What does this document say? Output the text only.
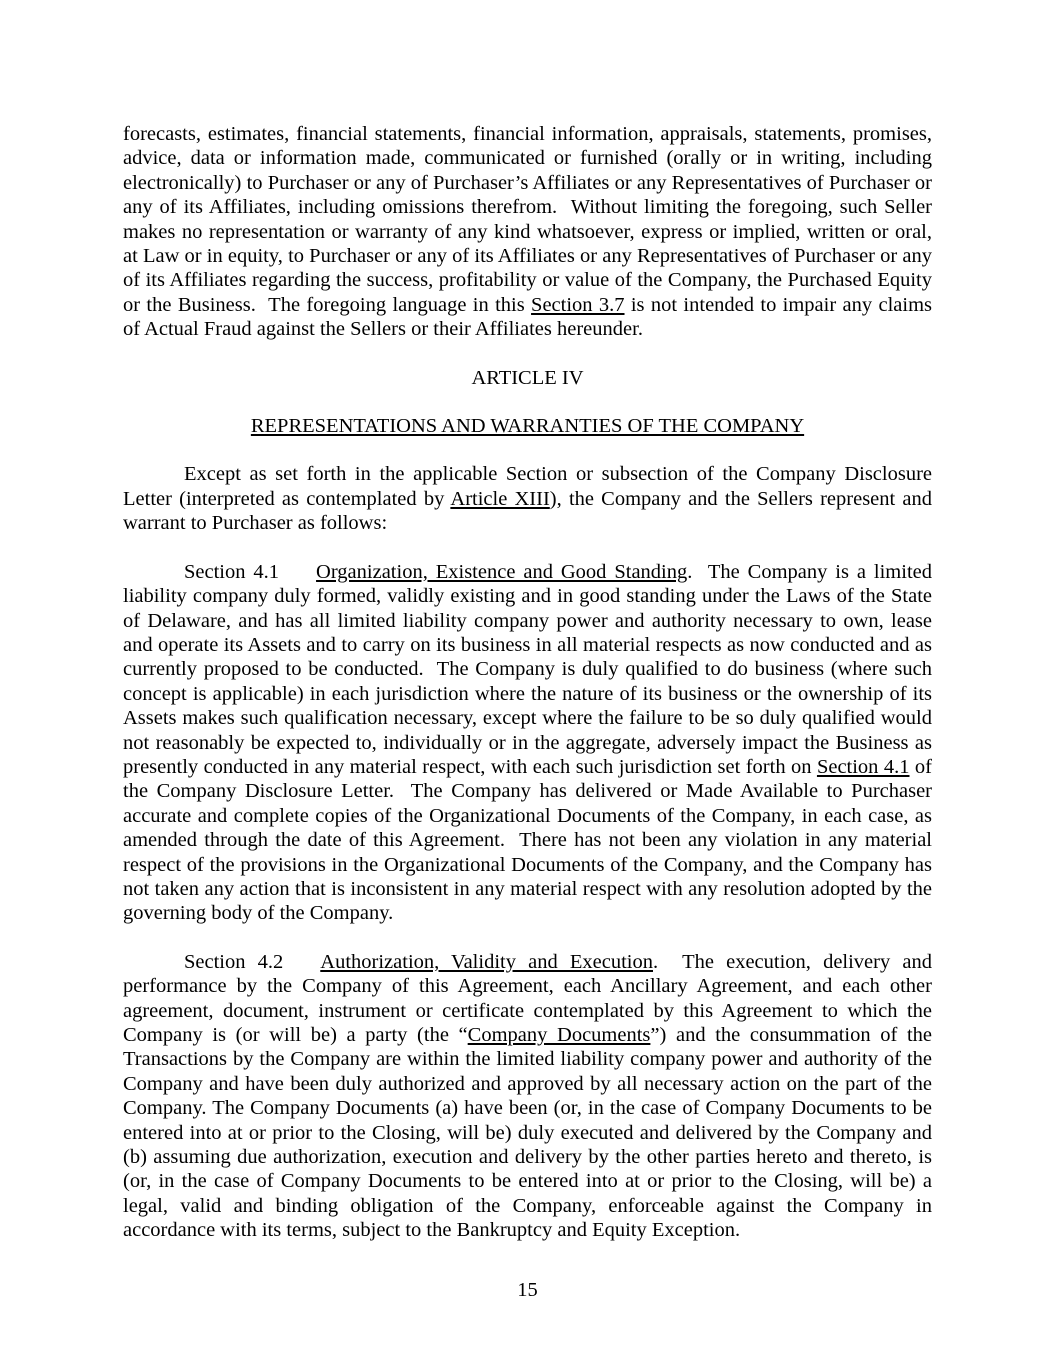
forecasts, estimates, financial statements, financial information, appraisals, statements, promises, advice, data or information made, communicated or furnished (orally or in writing, including electronically) to Purchaser or any of Purchaser’s Affiliates or any Representatives of Purchaser or any of its Affiliates, including omissions therefrom.  Without limiting the foregoing, such Seller makes no representation or warranty of any kind whatsoever, express or implied, written or oral, at Law or in equity, to Purchaser or any of its Affiliates or any Representatives of Purchaser or any of its Affiliates regarding the success, profitability or value of the Company, the Purchased Equity or the Business.  The foregoing language in this Section 3.7 is not intended to impair any claims of Actual Fraud against the Sellers or their Affiliates hereunder.

ARTICLE IV

REPRESENTATIONS AND WARRANTIES OF THE COMPANY

Except as set forth in the applicable Section or subsection of the Company Disclosure Letter (interpreted as contemplated by Article XIII), the Company and the Sellers represent and warrant to Purchaser as follows:

Section 4.1 Organization, Existence and Good Standing.  The Company is a limited liability company duly formed, validly existing and in good standing under the Laws of the State of Delaware, and has all limited liability company power and authority necessary to own, lease and operate its Assets and to carry on its business in all material respects as now conducted and as currently proposed to be conducted.  The Company is duly qualified to do business (where such concept is applicable) in each jurisdiction where the nature of its business or the ownership of its Assets makes such qualification necessary, except where the failure to be so duly qualified would not reasonably be expected to, individually or in the aggregate, adversely impact the Business as presently conducted in any material respect, with each such jurisdiction set forth on Section 4.1 of the Company Disclosure Letter.  The Company has delivered or Made Available to Purchaser accurate and complete copies of the Organizational Documents of the Company, in each case, as amended through the date of this Agreement.  There has not been any violation in any material respect of the provisions in the Organizational Documents of the Company, and the Company has not taken any action that is inconsistent in any material respect with any resolution adopted by the governing body of the Company.

Section 4.2 Authorization, Validity and Execution.  The execution, delivery and performance by the Company of this Agreement, each Ancillary Agreement, and each other agreement, document, instrument or certificate contemplated by this Agreement to which the Company is (or will be) a party (the “Company Documents”) and the consummation of the Transactions by the Company are within the limited liability company power and authority of the Company and have been duly authorized and approved by all necessary action on the part of the Company. The Company Documents (a) have been (or, in the case of Company Documents to be entered into at or prior to the Closing, will be) duly executed and delivered by the Company and (b) assuming due authorization, execution and delivery by the other parties hereto and thereto, is (or, in the case of Company Documents to be entered into at or prior to the Closing, will be) a legal, valid and binding obligation of the Company, enforceable against the Company in accordance with its terms, subject to the Bankruptcy and Equity Exception.

15
